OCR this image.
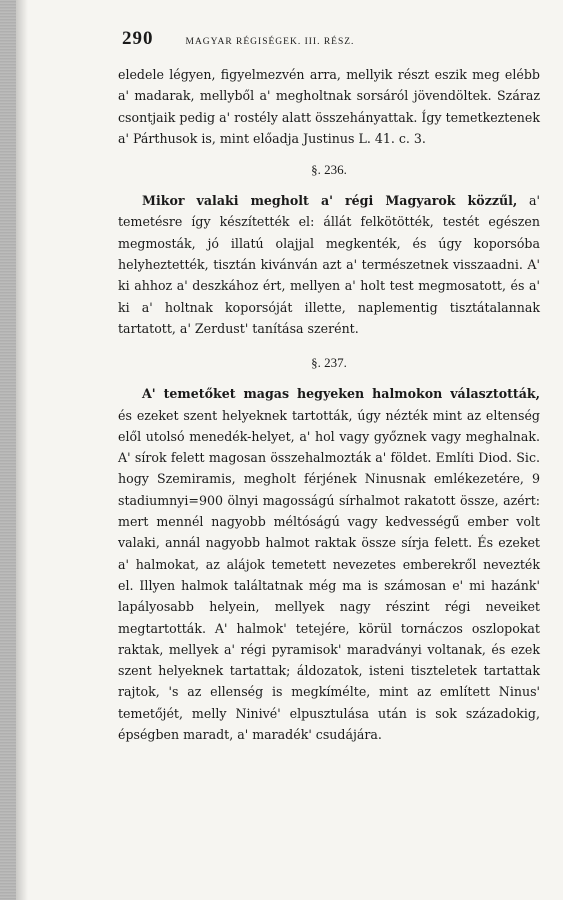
290	MAGYAR RÉGISÉGEK. III. RÉSZ.

eledele légyen, figyelmezvén arra, mellyik részt eszik meg elébb a' madarak, mellyből a' megholtnak sorsáról jövendöltek. Száraz csontjaik pedig a' rostély alatt összehányattak. Így temetkeztenek a' Párthusok is, mint előadja Justinus L. 41. c. 3.

§. 236.

Mikor valaki megholt a' régi Magyarok közzűl, a' temetésre így készítették el: állát felkötötték, testét egészen megmosták, jó illatú olajjal megkenték, és úgy koporsóba helyheztették, tisztán kivánván azt a' természetnek visszaadni. A' ki ahhoz a' deszkához ért, mellyen a' holt test megmosatott, és a' ki a' holtnak koporsóját illette, naplementig tisztátalannak tartatott, a' Zerdust' tanítása szerént.

§. 237.

A' temetőket magas hegyeken halmokon választották, és ezeket szent helyeknek tartották, úgy nézték mint az eltenség elől utolsó menedék-helyet, a' hol vagy győznek vagy meghalnak. A' sírok felett magosan összehalmozták a' földet. Említi Diod. Sic. hogy Szemiramis, megholt férjének Ninusnak emlékezetére, 9 stadiumnyi=900 ölnyi magosságú sírhalmot rakatott össze, azért: mert mennél nagyobb méltóságú vagy kedvességű ember volt valaki, annál nagyobb halmot raktak össze sírja felett. És ezeket a' halmokat, az alájok temetett nevezetes emberekről nevezték el. Illyen halmok találtatnak még ma is számosan e' mi hazánk' lapályosabb helyein, mellyek nagy részint régi neveiket megtartották. A' halmok' tetejére, körül tornáczos oszlopokat raktak, mellyek a' régi pyramisok' maradványi voltanak, és ezek szent helyeknek tartattak; áldozatok, isteni tiszteletek tartattak rajtok, 's az ellenség is megkímélte, mint az említett Ninus' temetőjét, melly Ninivé' elpusztulása után is sok századokig, épségben maradt, a' maradék' csudájára.
